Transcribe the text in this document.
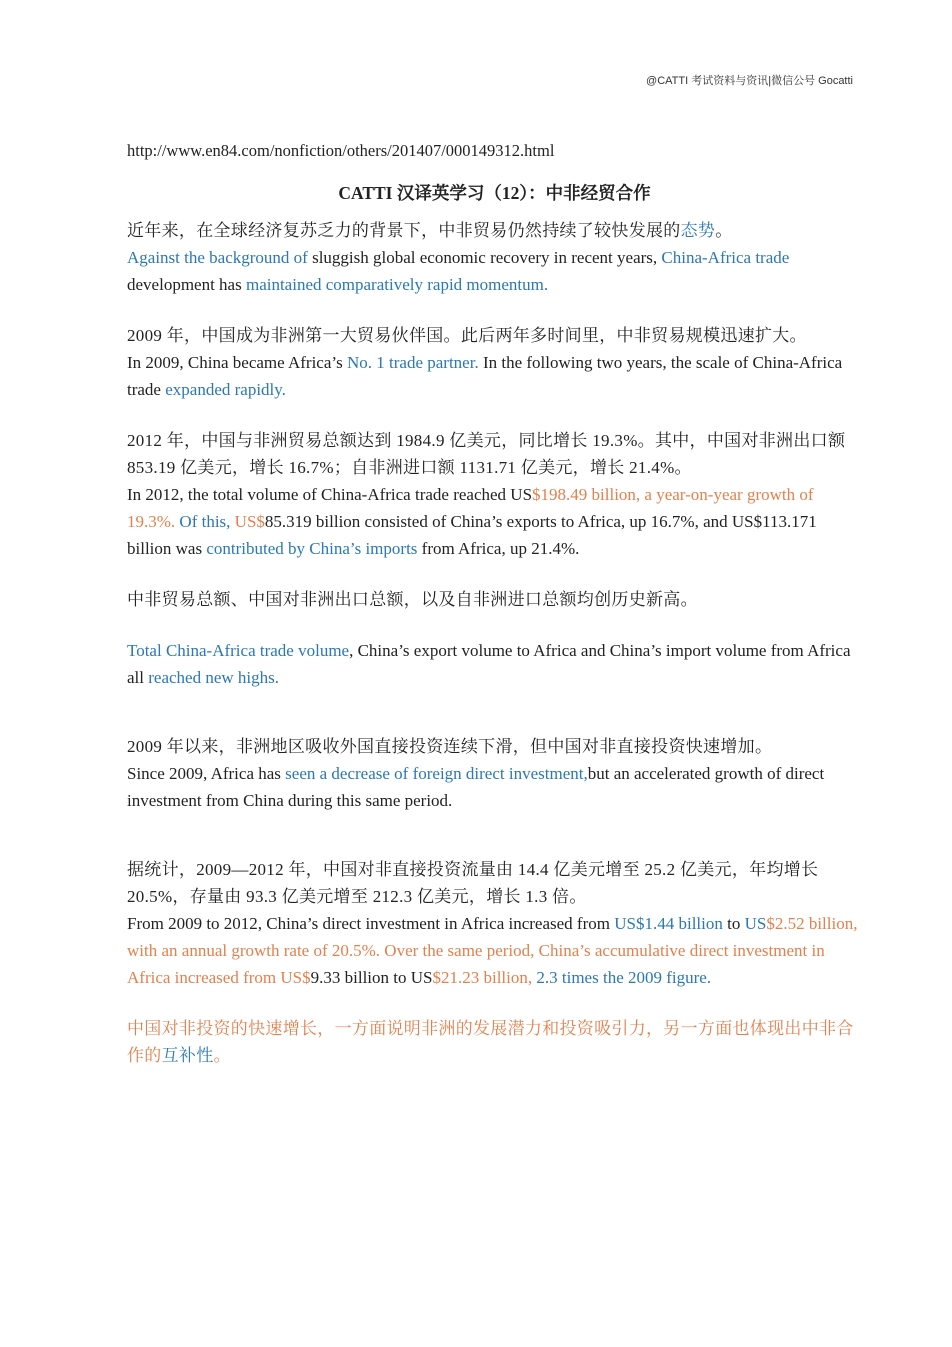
@CATTI 考试资料与资讯|微信公号 Gocatti

http://www.en84.com/nonfiction/others/201407/000149312.html

CATTI 汉译英学习（12）：中非经贸合作

近年来，在全球经济复苏乏力的背景下，中非贸易仍然持续了较快发展的态势。

Against the background of sluggish global economic recovery in recent years, China-Africa trade development has maintained comparatively rapid momentum.

2009 年，中国成为非洲第一大贸易伙伴国。此后两年多时间里，中非贸易规模迅速扩大。

In 2009, China became Africa’s No. 1 trade partner. In the following two years, the scale of China-Africa trade expanded rapidly.

2012 年，中国与非洲贸易总额达到 1984.9 亿美元，同比增长 19.3%。其中，中国对非洲出口额 853.19 亿美元，增长 16.7%；自非洲进口额 1131.71 亿美元，增长 21.4%。

In 2012, the total volume of China-Africa trade reached US$198.49 billion, a year-on-year growth of 19.3%. Of this, US$85.319 billion consisted of China’s exports to Africa, up 16.7%, and US$113.171 billion was contributed by China’s imports from Africa, up 21.4%.

中非贸易总额、中国对非洲出口总额，以及自非洲进口总额均创历史新高。

Total China-Africa trade volume, China’s export volume to Africa and China’s import volume from Africa all reached new highs.

2009 年以来，非洲地区吸收外国直接投资连续下滑，但中国对非直接投资快速增加。

Since 2009, Africa has seen a decrease of foreign direct investment,but an accelerated growth of direct investment from China during this same period.

据统计，2009—2012 年，中国对非直接投资流量由 14.4 亿美元增至 25.2 亿美元，年均增长 20.5%，存量由 93.3 亿美元增至 212.3 亿美元，增长 1.3 倍。

From 2009 to 2012, China’s direct investment in Africa increased from US$1.44 billion to US$2.52 billion, with an annual growth rate of 20.5%. Over the same period, China’s accumulative direct investment in Africa increased from US$9.33 billion to US$21.23 billion, 2.3 times the 2009 figure.

中国对非投资的快速增长，一方面说明非洲的发展潜力和投资吸引力，另一方面也体现出中非合作的互补性。
